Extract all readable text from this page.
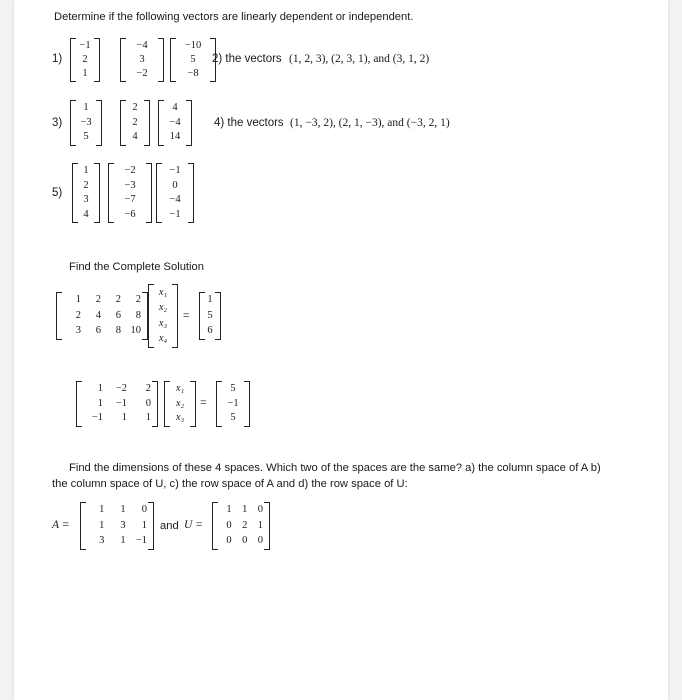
Determine if the following vectors are linearly dependent or independent.
1)
−1
2
1
−4
3
−2
−10
5
−8
2) the vectors (1, 2, 3), (2, 3, 1), and (3, 1, 2)
3)
1
−3
5
2
2
4
4
−4
14
4) the vectors (1, −3, 2), (2, 1, −3), and (−3, 2, 1)
5)
1
2
3
4
−2
−3
−7
−6
−1
0
−4
−1
Find the Complete Solution
1 2 2 2
2 4 6 8
3 6 8 10
x₁
x₂
x₃
x₄
=
1
5
6
1 −2 2
1 −1 0
−1 1 1
x₁
x₂
x₃
=
5
−1
5
Find the dimensions of these 4 spaces. Which two of the spaces are the same? a) the column space of A b)
the column space of U, c) the row space of A and d) the row space of U:
A =
1 1 0
1 3 1
3 1 −1
and U =
1 1 0
0 2 1
0 0 0
